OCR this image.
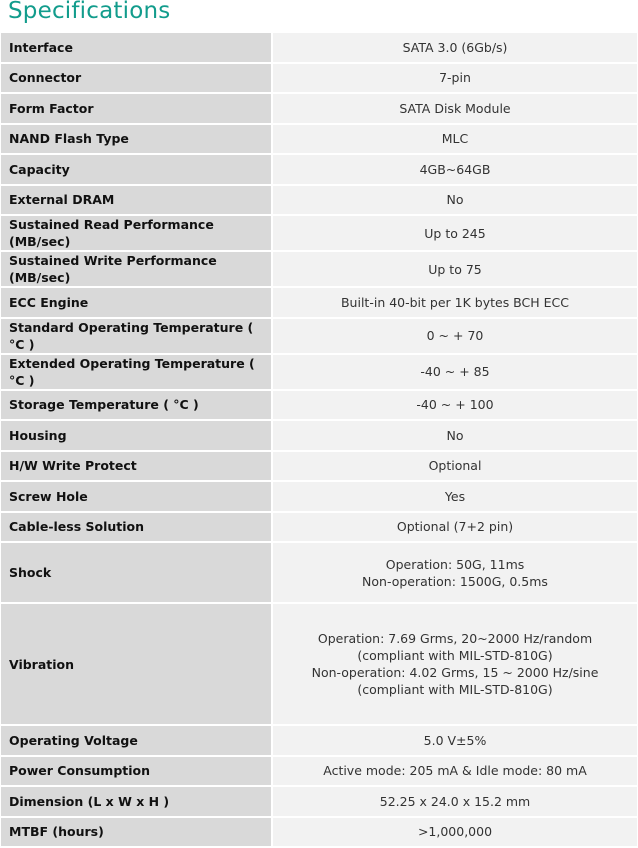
Specifications
Interface	SATA 3.0 (6Gb/s)

Connector	7-pin

Form Factor	SATA Disk Module

NAND Flash Type	MLC

Capacity	4GB~64GB

External DRAM	No

Sustained Read Performance (MB/sec)	Up to 245

Sustained Write Performance (MB/sec)	Up to 75

ECC Engine	Built-in 40-bit per 1K bytes BCH ECC

Standard Operating Temperature ( °C )	0 ~ + 70

Extended Operating Temperature ( °C )	-40 ~ + 85

Storage Temperature ( °C )	-40 ~ + 100

Housing	No

H/W Write Protect	Optional

Screw Hole	Yes

Cable-less Solution	Optional (7+2 pin)

Shock	Operation: 50G, 11ms
Non-operation: 1500G, 0.5ms

Vibration	Operation: 7.69 Grms, 20~2000 Hz/random
(compliant with MIL-STD-810G)
Non-operation: 4.02 Grms, 15 ~ 2000 Hz/sine
(compliant with MIL-STD-810G)

Operating Voltage	5.0 V±5%

Power Consumption	Active mode: 205 mA & Idle mode: 80 mA

Dimension (L x W x H )	52.25 x 24.0 x 15.2 mm

MTBF (hours)	>1,000,000
